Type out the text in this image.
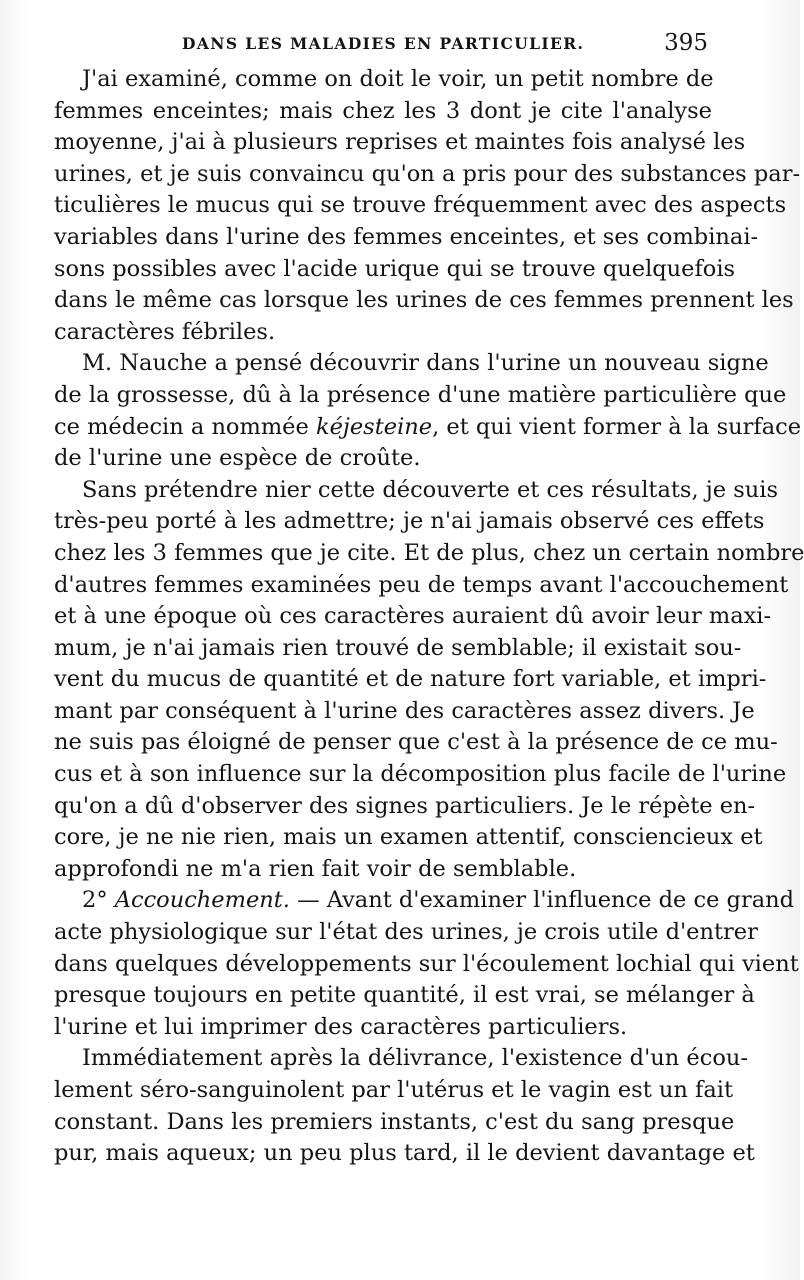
DANS LES MALADIES EN PARTICULIER.	395
J'ai examiné, comme on doit le voir, un petit nombre de
femmes enceintes; mais chez les 3 dont je cite l'analyse
moyenne, j'ai à plusieurs reprises et maintes fois analysé les
urines, et je suis convaincu qu'on a pris pour des substances par-
ticulières le mucus qui se trouve fréquemment avec des aspects
variables dans l'urine des femmes enceintes, et ses combinai-
sons possibles avec l'acide urique qui se trouve quelquefois
dans le même cas lorsque les urines de ces femmes prennent les
caractères fébriles.
M. Nauche a pensé découvrir dans l'urine un nouveau signe
de la grossesse, dû à la présence d'une matière particulière que
ce médecin a nommée kéjesteine, et qui vient former à la surface
de l'urine une espèce de croûte.
Sans prétendre nier cette découverte et ces résultats, je suis
très-peu porté à les admettre; je n'ai jamais observé ces effets
chez les 3 femmes que je cite. Et de plus, chez un certain nombre
d'autres femmes examinées peu de temps avant l'accouchement
et à une époque où ces caractères auraient dû avoir leur maxi-
mum, je n'ai jamais rien trouvé de semblable; il existait sou-
vent du mucus de quantité et de nature fort variable, et impri-
mant par conséquent à l'urine des caractères assez divers. Je
ne suis pas éloigné de penser que c'est à la présence de ce mu-
cus et à son influence sur la décomposition plus facile de l'urine
qu'on a dû d'observer des signes particuliers. Je le répète en-
core, je ne nie rien, mais un examen attentif, consciencieux et
approfondi ne m'a rien fait voir de semblable.
2° Accouchement. — Avant d'examiner l'influence de ce grand
acte physiologique sur l'état des urines, je crois utile d'entrer
dans quelques développements sur l'écoulement lochial qui vient
presque toujours en petite quantité, il est vrai, se mélanger à
l'urine et lui imprimer des caractères particuliers.
Immédiatement après la délivrance, l'existence d'un écou-
lement séro-sanguinolent par l'utérus et le vagin est un fait
constant. Dans les premiers instants, c'est du sang presque
pur, mais aqueux; un peu plus tard, il le devient davantage et
